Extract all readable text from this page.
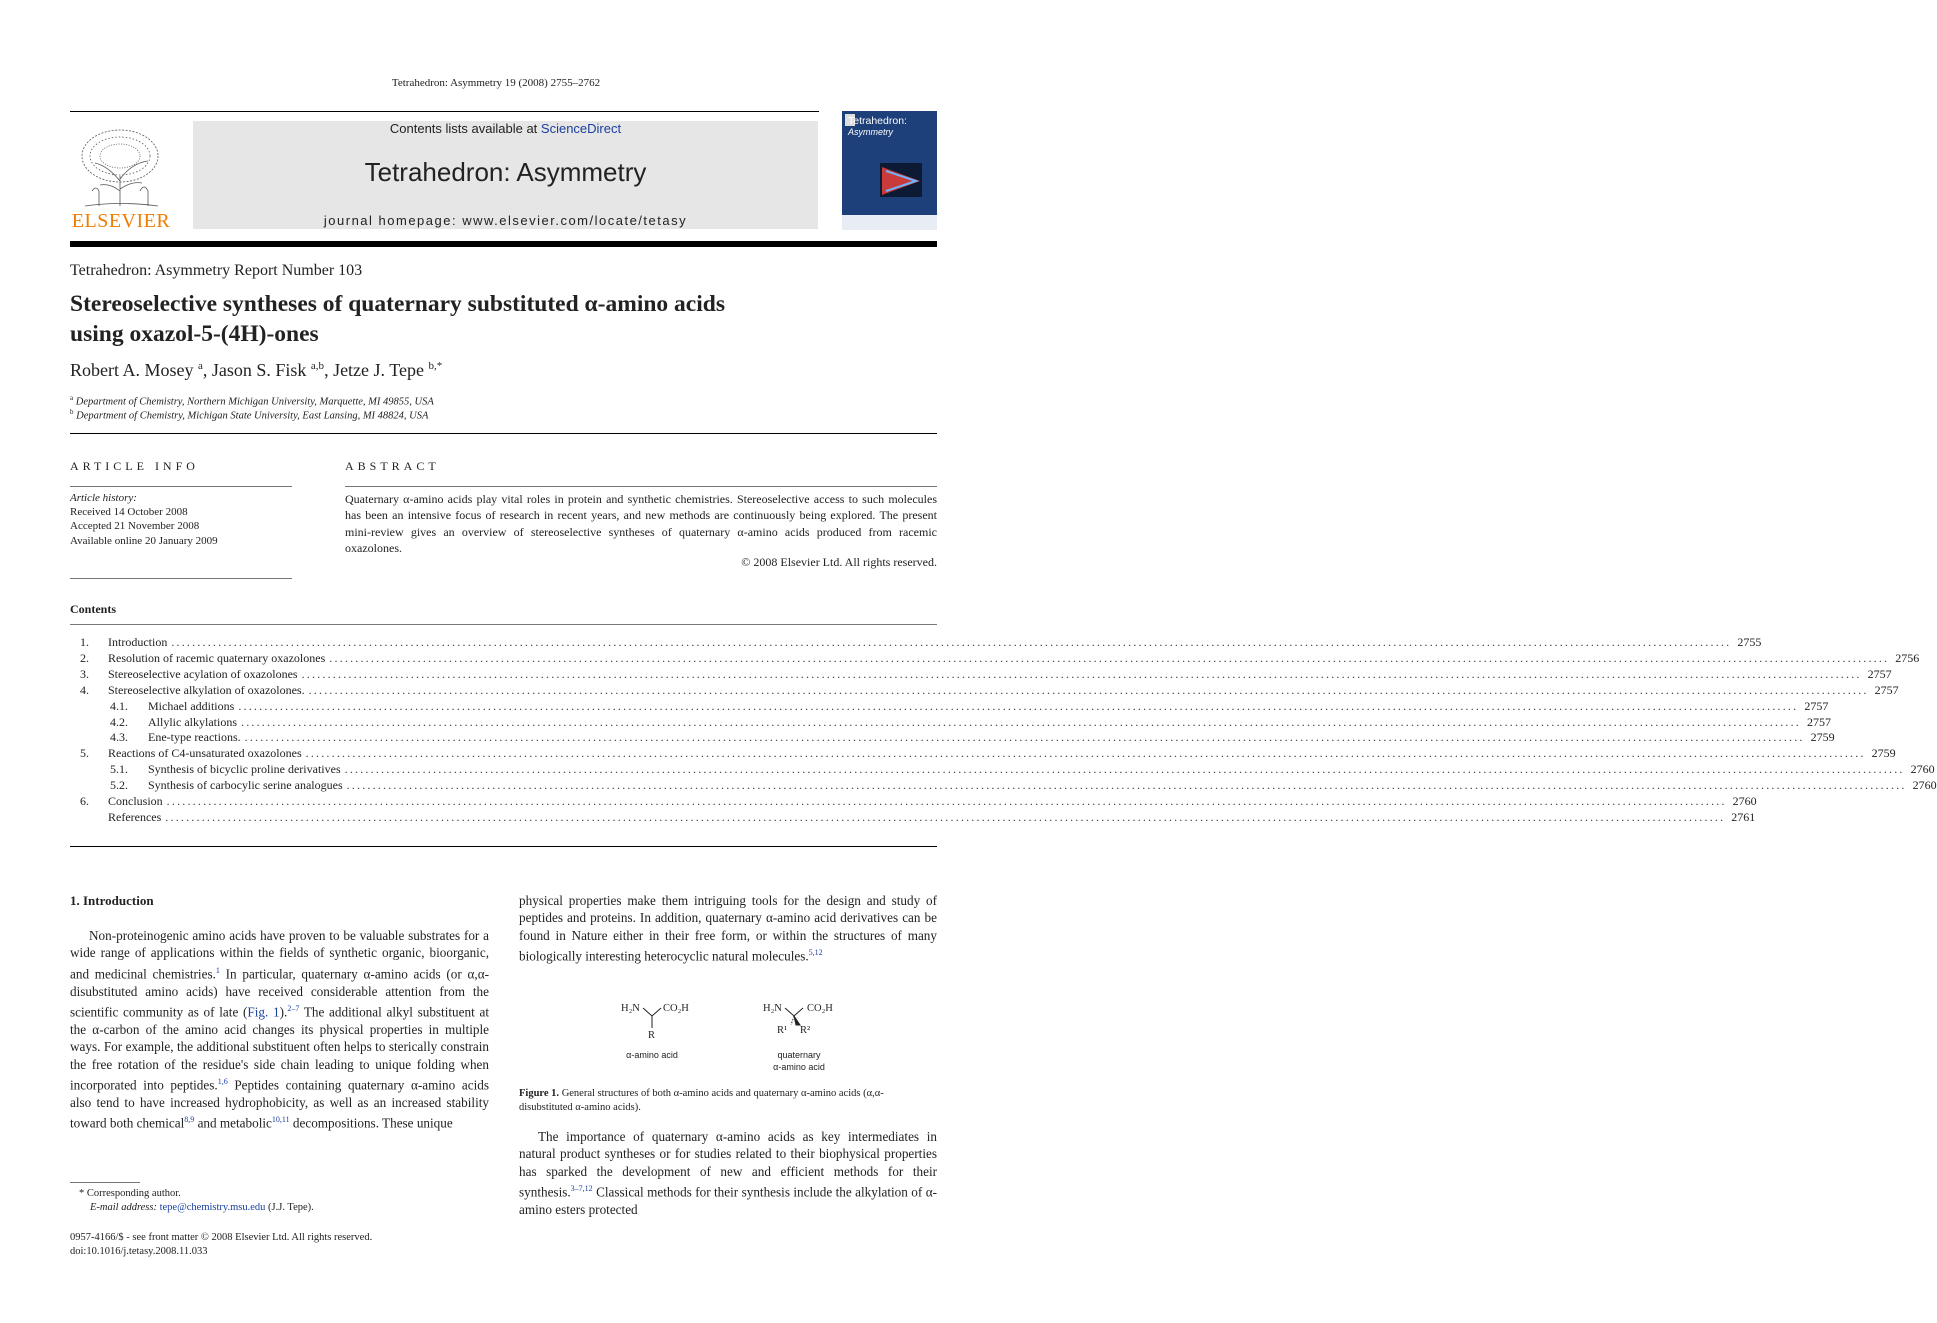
Tetrahedron: Asymmetry 19 (2008) 2755–2762
ELSEVIER
Contents lists available at ScienceDirect
Tetrahedron: Asymmetry
journal homepage: www.elsevier.com/locate/tetasy
Tetrahedron:
Asymmetry
Tetrahedron: Asymmetry Report Number 103
Stereoselective syntheses of quaternary substituted α-amino acids
using oxazol-5-(4H)-ones
Robert A. Mosey $^a$, Jason S. Fisk $^{a,b}$, Jetze J. Tepe $^{b,*}$
$^a$ Department of Chemistry, Northern Michigan University, Marquette, MI 49855, USA
$^b$ Department of Chemistry, Michigan State University, East Lansing, MI 48824, USA
ARTICLE INFO
Article history:
Received 14 October 2008
Accepted 21 November 2008
Available online 20 January 2009
ABSTRACT
Quaternary α-amino acids play vital roles in protein and synthetic chemistries. Stereoselective access to such molecules has been an intensive focus of research in recent years, and new methods are continuously being explored. The present mini-review gives an overview of stereoselective syntheses of quaternary α-amino acids produced from racemic oxazolones.
© 2008 Elsevier Ltd. All rights reserved.
Contents
1.	Introduction ............................................................................................................................................................................................................................................................................................................ 2755
2.	Resolution of racemic quaternary oxazolones ............................................................................................................................................................................................................................................................................................................ 2756
3.	Stereoselective acylation of oxazolones ............................................................................................................................................................................................................................................................................................................ 2757
4.	Stereoselective alkylation of oxazolones. ............................................................................................................................................................................................................................................................................................................ 2757
4.1.	Michael additions ............................................................................................................................................................................................................................................................................................................ 2757
4.2.	Allylic alkylations ............................................................................................................................................................................................................................................................................................................ 2757
4.3.	Ene-type reactions. ............................................................................................................................................................................................................................................................................................................ 2759
5.	Reactions of C4-unsaturated oxazolones ............................................................................................................................................................................................................................................................................................................ 2759
5.1.	Synthesis of bicyclic proline derivatives ............................................................................................................................................................................................................................................................................................................ 2760
5.2.	Synthesis of carbocylic serine analogues ............................................................................................................................................................................................................................................................................................................ 2760
6.	Conclusion ............................................................................................................................................................................................................................................................................................................ 2760
References ............................................................................................................................................................................................................................................................................................................ 2761
1. Introduction
Non-proteinogenic amino acids have proven to be valuable substrates for a wide range of applications within the fields of synthetic organic, bioorganic, and medicinal chemistries.$^1$ In particular, quaternary α-amino acids (or α,α-disubstituted amino acids) have received considerable attention from the scientific community as of late (Fig. 1).$^{2-7}$ The additional alkyl substituent at the α-carbon of the amino acid changes its physical properties in multiple ways. For example, the additional substituent often helps to sterically constrain the free rotation of the residue's side chain leading to unique folding when incorporated into peptides.$^{1,6}$ Peptides containing quaternary α-amino acids also tend to have increased hydrophobicity, as well as an increased stability toward both chemical$^{8,9}$ and metabolic$^{10,11}$ decompositions. These unique
physical properties make them intriguing tools for the design and study of peptides and proteins. In addition, quaternary α-amino acid derivatives can be found in Nature either in their free form, or within the structures of many biologically interesting heterocyclic natural molecules.$^{5,12}$
H₂N CO₂H
R
H₂N CO₂H
R¹ R²
α-amino acid	quaternary
α-amino acid
Figure 1. General structures of both α-amino acids and quaternary α-amino acids (α,α-disubstituted α-amino acids).
The importance of quaternary α-amino acids as key intermediates in natural product syntheses or for studies related to their biophysical properties has sparked the development of new and efficient methods for their synthesis.$^{3-7,12}$ Classical methods for their synthesis include the alkylation of α-amino esters protected
* Corresponding author.
E-mail address: tepe@chemistry.msu.edu (J.J. Tepe).
0957-4166/$ - see front matter © 2008 Elsevier Ltd. All rights reserved.
doi:10.1016/j.tetasy.2008.11.033
